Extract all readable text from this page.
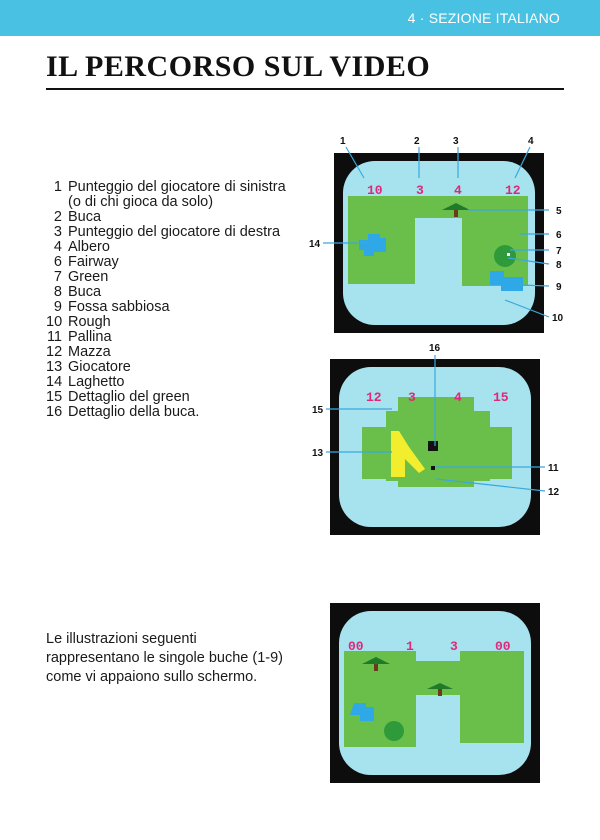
4 · SEZIONE ITALIANO
IL PERCORSO SUL VIDEO
1 Punteggio del giocatore di sinistra (o di chi gioca da solo)
2 Buca
3 Punteggio del giocatore di destra
4 Albero
6 Fairway
7 Green
8 Buca
9 Fossa sabbiosa
10 Rough
11 Pallina
12 Mazza
13 Giocatore
14 Laghetto
15 Dettaglio del green
16 Dettaglio della buca.

Le illustrazioni seguenti rappresentano le singole buche (1-9) come vi appaiono sullo schermo.

10	3 4	12
12 3	4 15
00	1	3	00
1	2	3	4
5
6
7
8
9
10
14
16
15
13
11
12
